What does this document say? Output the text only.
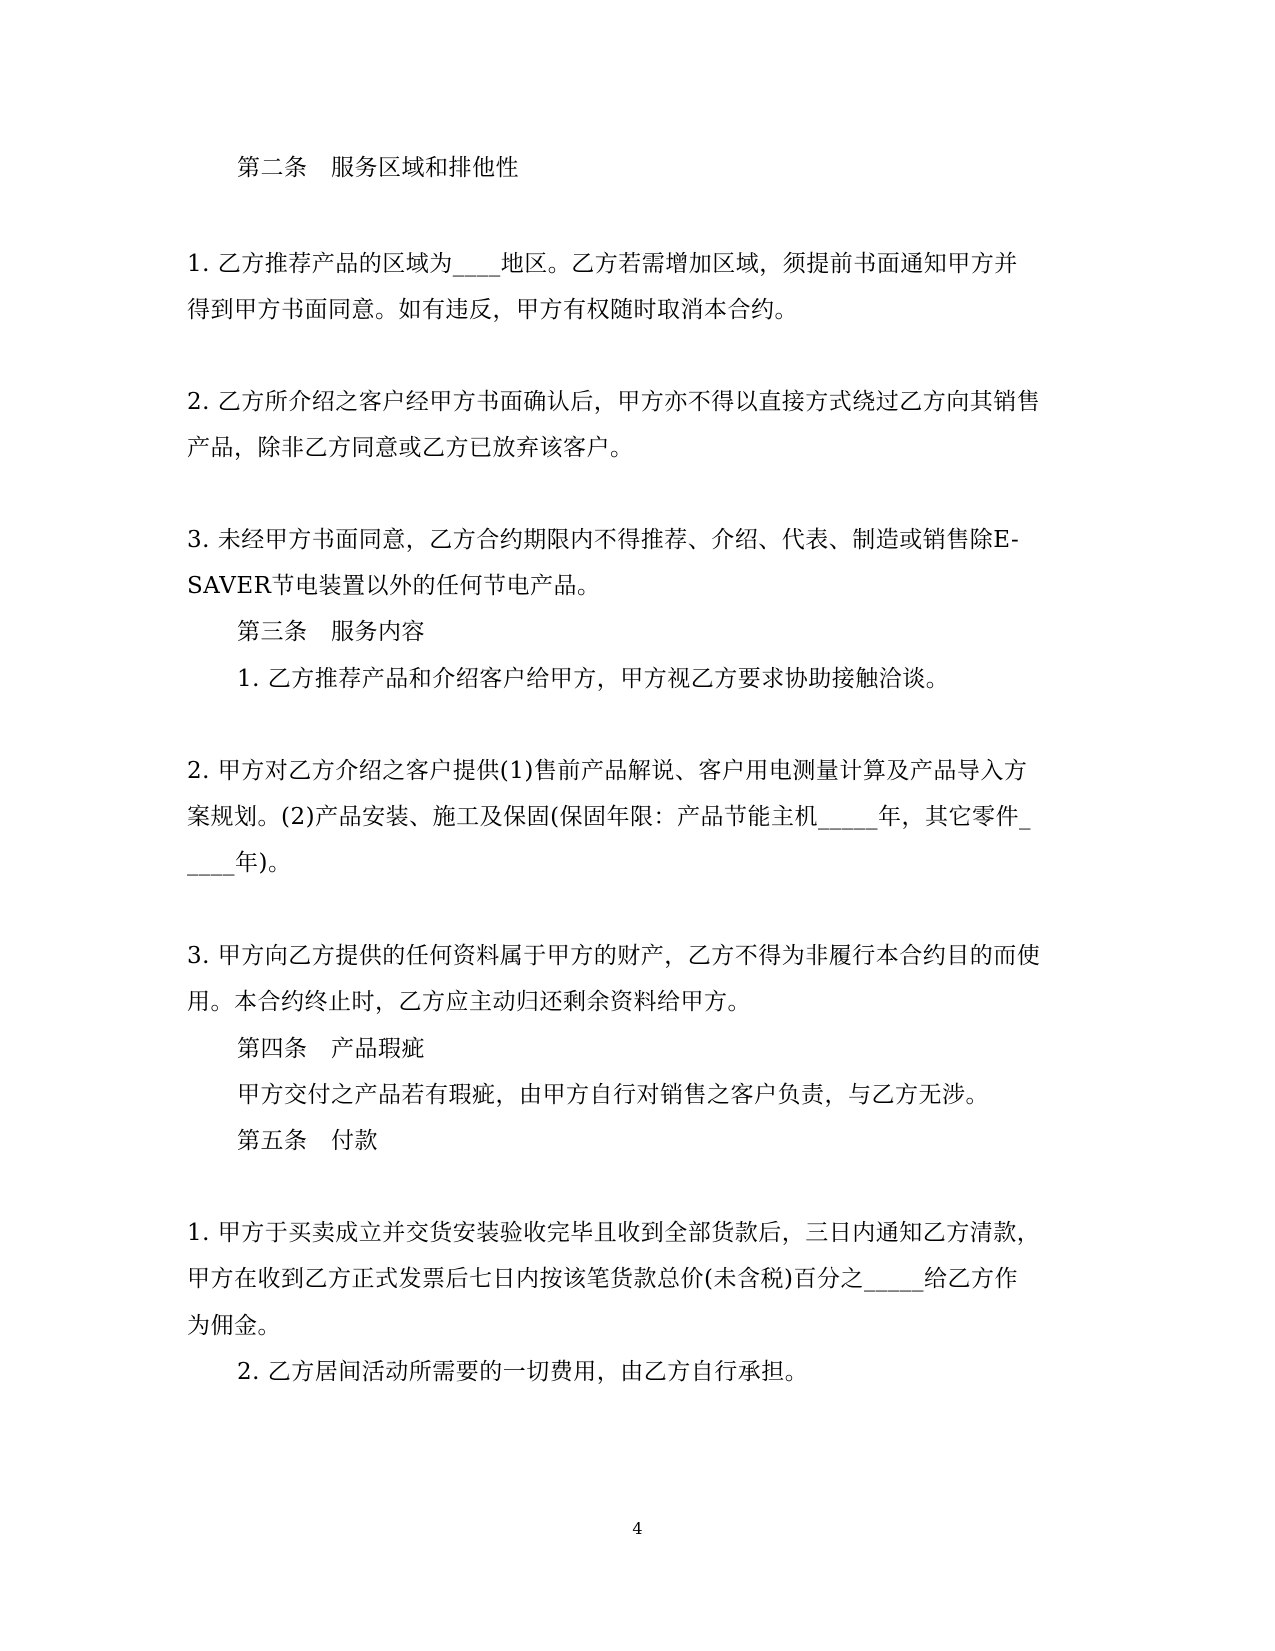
第二条　服务区域和排他性
1. 乙方推荐产品的区域为____地区。乙方若需增加区域，须提前书面通知甲方并
得到甲方书面同意。如有违反，甲方有权随时取消本合约。
2. 乙方所介绍之客户经甲方书面确认后，甲方亦不得以直接方式绕过乙方向其销售
产品，除非乙方同意或乙方已放弃该客户。
3. 未经甲方书面同意，乙方合约期限内不得推荐、介绍、代表、制造或销售除E-
SAVER节电装置以外的任何节电产品。
第三条　服务内容
1. 乙方推荐产品和介绍客户给甲方，甲方视乙方要求协助接触洽谈。
2. 甲方对乙方介绍之客户提供(1)售前产品解说、客户用电测量计算及产品导入方
案规划。(2)产品安装、施工及保固(保固年限：产品节能主机_____年，其它零件_
____年)。
3. 甲方向乙方提供的任何资料属于甲方的财产，乙方不得为非履行本合约目的而使
用。本合约终止时，乙方应主动归还剩余资料给甲方。
第四条　产品瑕疵
甲方交付之产品若有瑕疵，由甲方自行对销售之客户负责，与乙方无涉。
第五条　付款
1. 甲方于买卖成立并交货安装验收完毕且收到全部货款后，三日内通知乙方清款，
甲方在收到乙方正式发票后七日内按该笔货款总价(未含税)百分之_____给乙方作
为佣金。
2. 乙方居间活动所需要的一切费用，由乙方自行承担。
4
